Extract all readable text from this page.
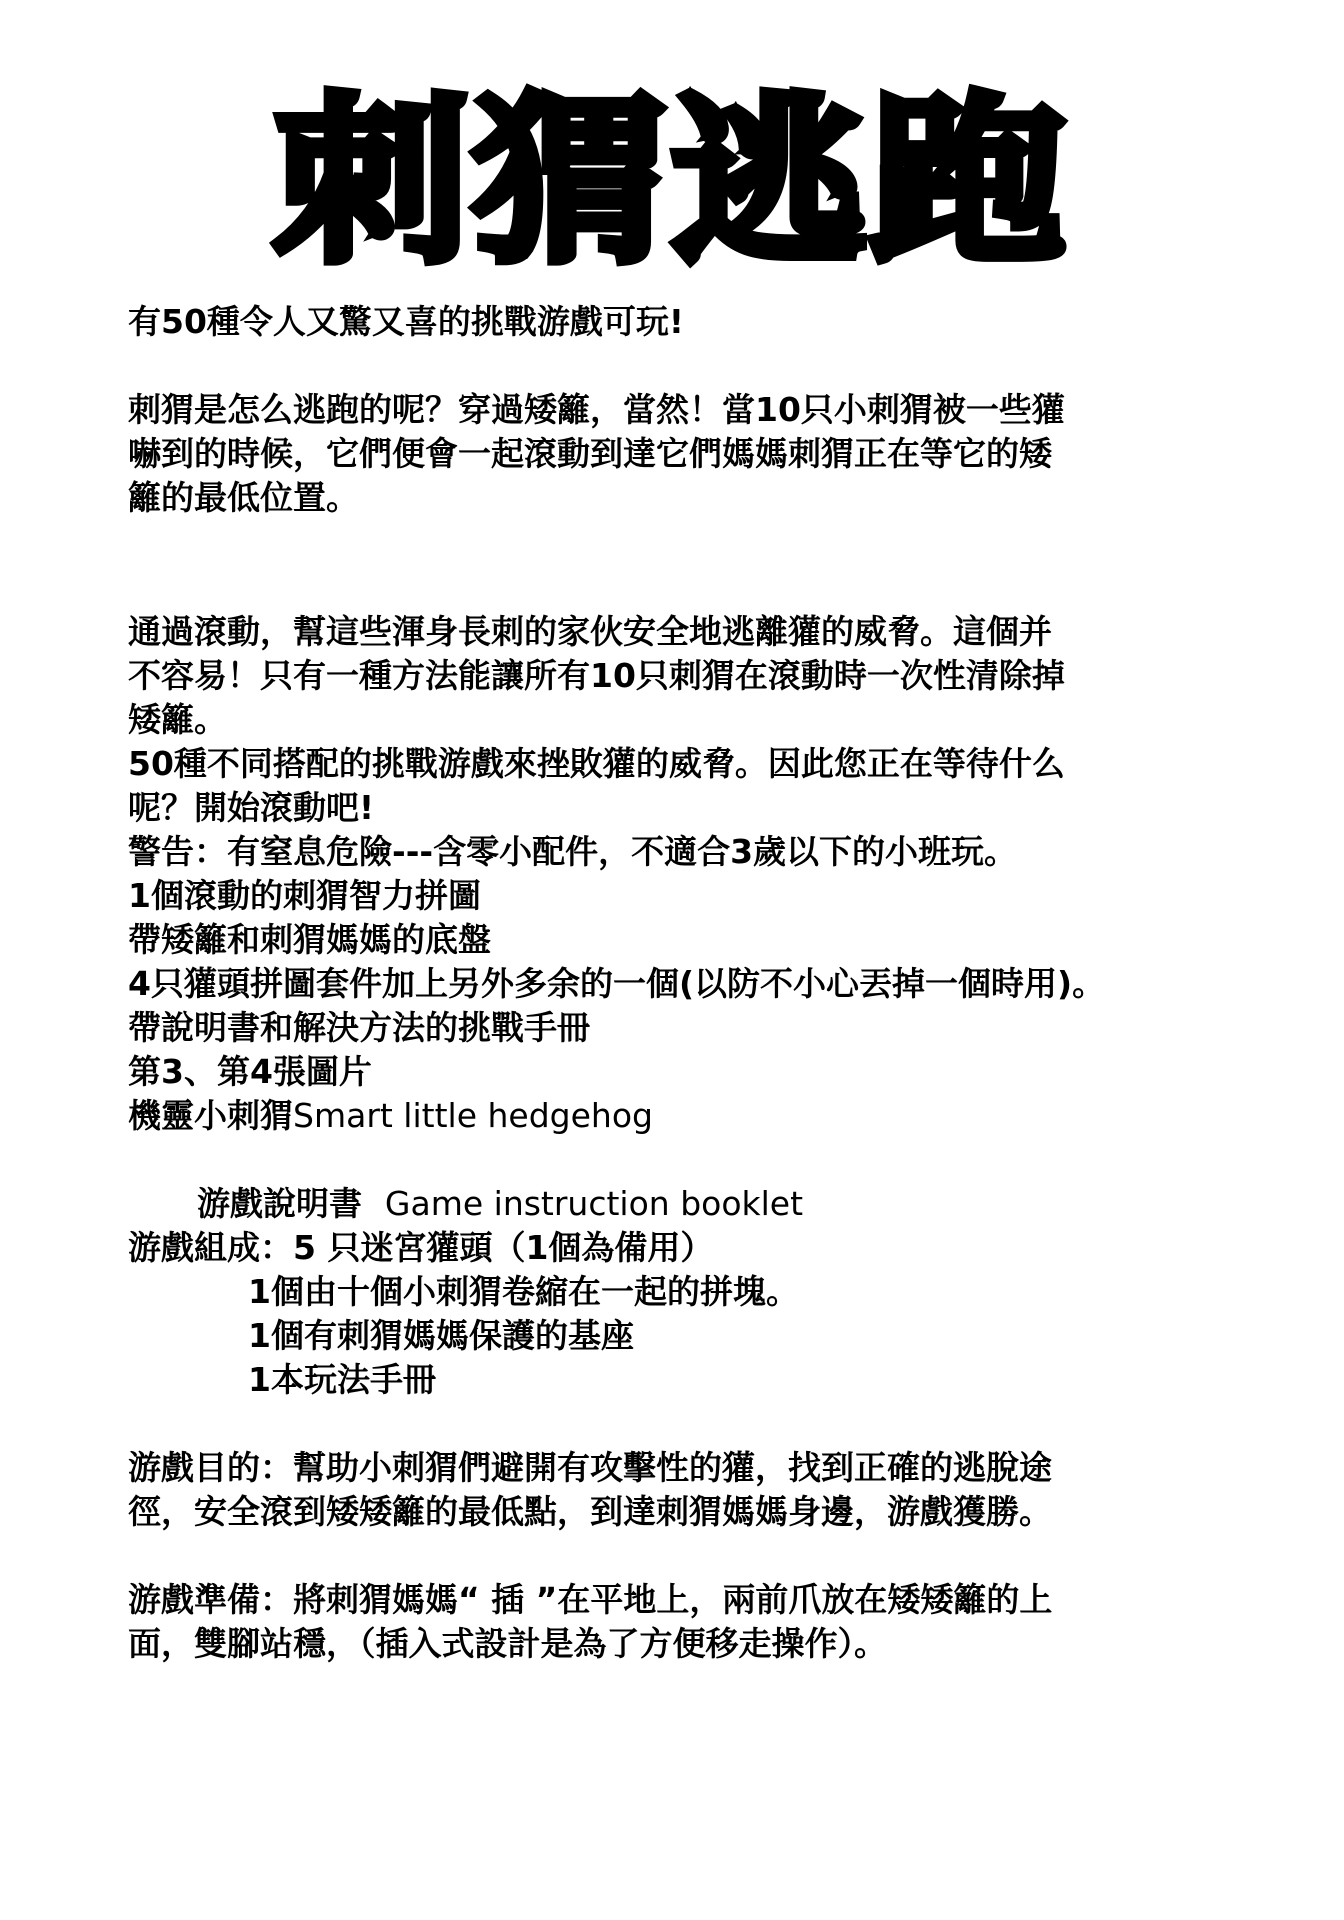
刺猬逃跑
有50種令人又驚又喜的挑戰游戲可玩!
刺猬是怎么逃跑的呢？穿過矮籬，當然！當10只小刺猬被一些獾
嚇到的時候，它們便會一起滾動到達它們媽媽刺猬正在等它的矮
籬的最低位置。
通過滾動，幫這些渾身長刺的家伙安全地逃離獾的威脅。這個并
不容易！只有一種方法能讓所有10只刺猬在滾動時一次性清除掉
矮籬。
50種不同搭配的挑戰游戲來挫敗獾的威脅。因此您正在等待什么
呢？開始滾動吧!
警告：有窒息危險---含零小配件，不適合3歲以下的小班玩。
1個滾動的刺猬智力拼圖
帶矮籬和刺猬媽媽的底盤
4只獾頭拼圖套件加上另外多余的一個(以防不小心丟掉一個時用)。
帶說明書和解決方法的挑戰手冊
第3、第4張圖片
機靈小刺猬Smart little hedgehog

游戲說明書  Game instruction booklet

游戲組成：5 只迷宮獾頭（1個為備用）
1個由十個小刺猬卷縮在一起的拼塊。
1個有刺猬媽媽保護的基座
1本玩法手冊
游戲目的：幫助小刺猬們避開有攻擊性的獾，找到正確的逃脫途
徑，安全滾到矮矮籬的最低點，到達刺猬媽媽身邊，游戲獲勝。
游戲準備：將刺猬媽媽“ 插 ”在平地上，兩前爪放在矮矮籬的上
面，雙腳站穩，（插入式設計是為了方便移走操作）。
